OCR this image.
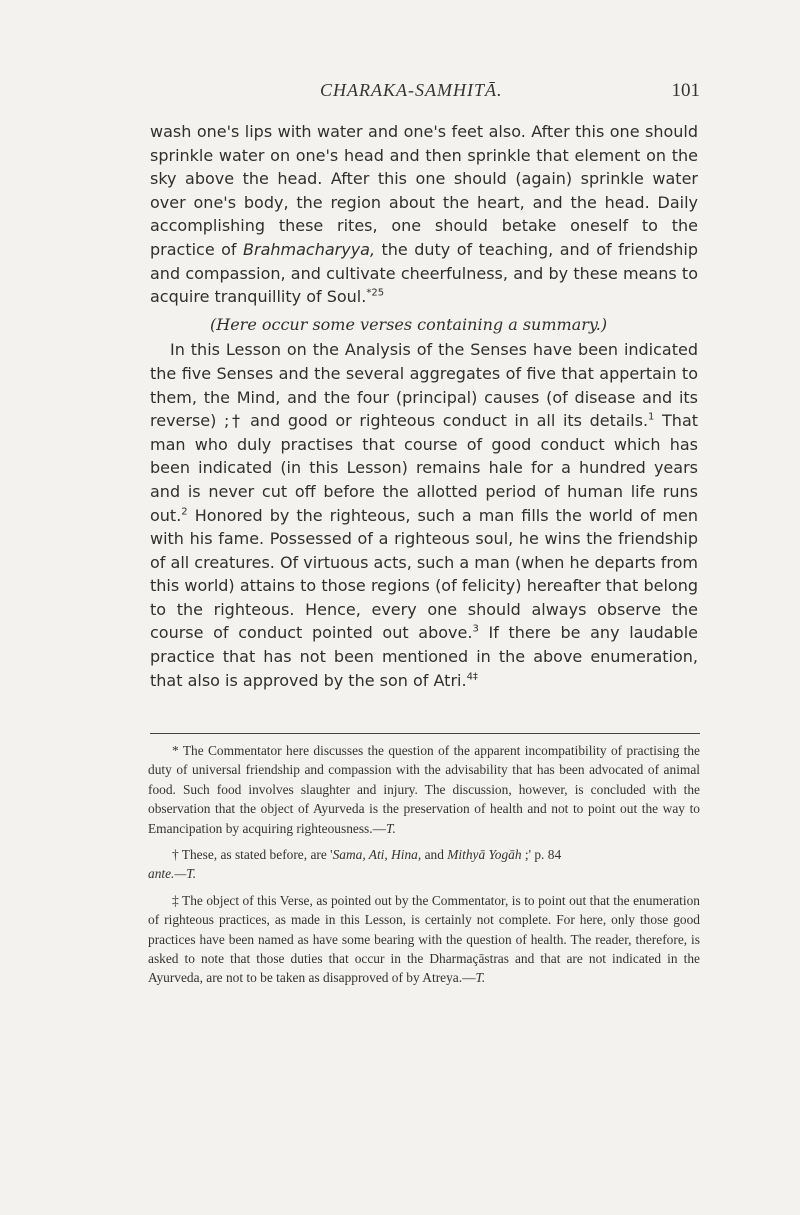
CHARAKA-SAMHITĀ.	101

wash one's lips with water and one's feet also. After this one should sprinkle water on one's head and then sprinkle that element on the sky above the head. After this one should (again) sprinkle water over one's body, the region about the heart, and the head. Daily accomplishing these rites, one should betake oneself to the practice of Brahmacharyya, the duty of teaching, and of friendship and compassion, and cultivate cheerfulness, and by these means to acquire tranquillity of Soul.$^{*25}$

(Here occur some verses containing a summary.)

In this Lesson on the Analysis of the Senses have been indicated the five Senses and the several aggregates of five that appertain to them, the Mind, and the four (principal) causes (of disease and its reverse) ;† and good or righteous conduct in all its details.$^1$ That man who duly practises that course of good conduct which has been indicated (in this Lesson) remains hale for a hundred years and is never cut off before the allotted period of human life runs out.$^2$ Honored by the righteous, such a man fills the world of men with his fame. Possessed of a righteous soul, he wins the friendship of all creatures. Of virtuous acts, such a man (when he departs from this world) attains to those regions (of felicity) hereafter that belong to the righteous. Hence, every one should always observe the course of conduct pointed out above.$^3$ If there be any laudable practice that has not been mentioned in the above enumeration, that also is approved by the son of Atri.$^{4\ddagger}$

* The Commentator here discusses the question of the apparent incompatibility of practising the duty of universal friendship and compassion with the advisability that has been advocated of animal food. Such food involves slaughter and injury. The discussion, however, is concluded with the observation that the object of Ayurveda is the preservation of health and not to point out the way to Emancipation by acquiring righteousness.—T.

† These, as stated before, are 'Sama, Ati, Hina, and Mithyā Yogāh ;' p. 84
ante.—T.

‡ The object of this Verse, as pointed out by the Commentator, is to point out that the enumeration of righteous practices, as made in this Lesson, is certainly not complete. For here, only those good practices have been named as have some bearing with the question of health. The reader, therefore, is asked to note that those duties that occur in the Dharmaçāstras and that are not indicated in the Ayurveda, are not to be taken as disapproved of by Atreya.—T.
